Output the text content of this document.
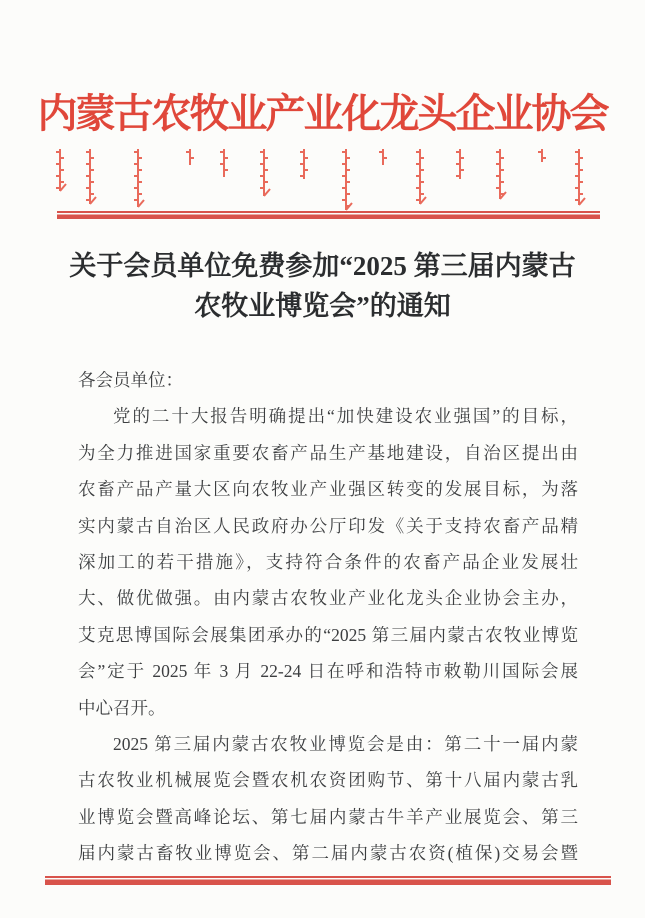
内蒙古农牧业产业化龙头企业协会
关于会员单位免费参加“2025 第三届内蒙古
农牧业博览会”的通知
各会员单位：
党的二十大报告明确提出“加快建设农业强国”的目标，
为全力推进国家重要农畜产品生产基地建设，自治区提出由
农畜产品产量大区向农牧业产业强区转变的发展目标，为落
实内蒙古自治区人民政府办公厅印发《关于支持农畜产品精
深加工的若干措施》，支持符合条件的农畜产品企业发展壮
大、做优做强。由内蒙古农牧业产业化龙头企业协会主办，
艾克思博国际会展集团承办的“2025 第三届内蒙古农牧业博览
会”定于 2025 年 3 月 22-24 日在呼和浩特市敕勒川国际会展
中心召开。
2025 第三届内蒙古农牧业博览会是由：第二十一届内蒙
古农牧业机械展览会暨农机农资团购节、第十八届内蒙古乳
业博览会暨高峰论坛、第七届内蒙古牛羊产业展览会、第三
届内蒙古畜牧业博览会、第二届内蒙古农资(植保)交易会暨
